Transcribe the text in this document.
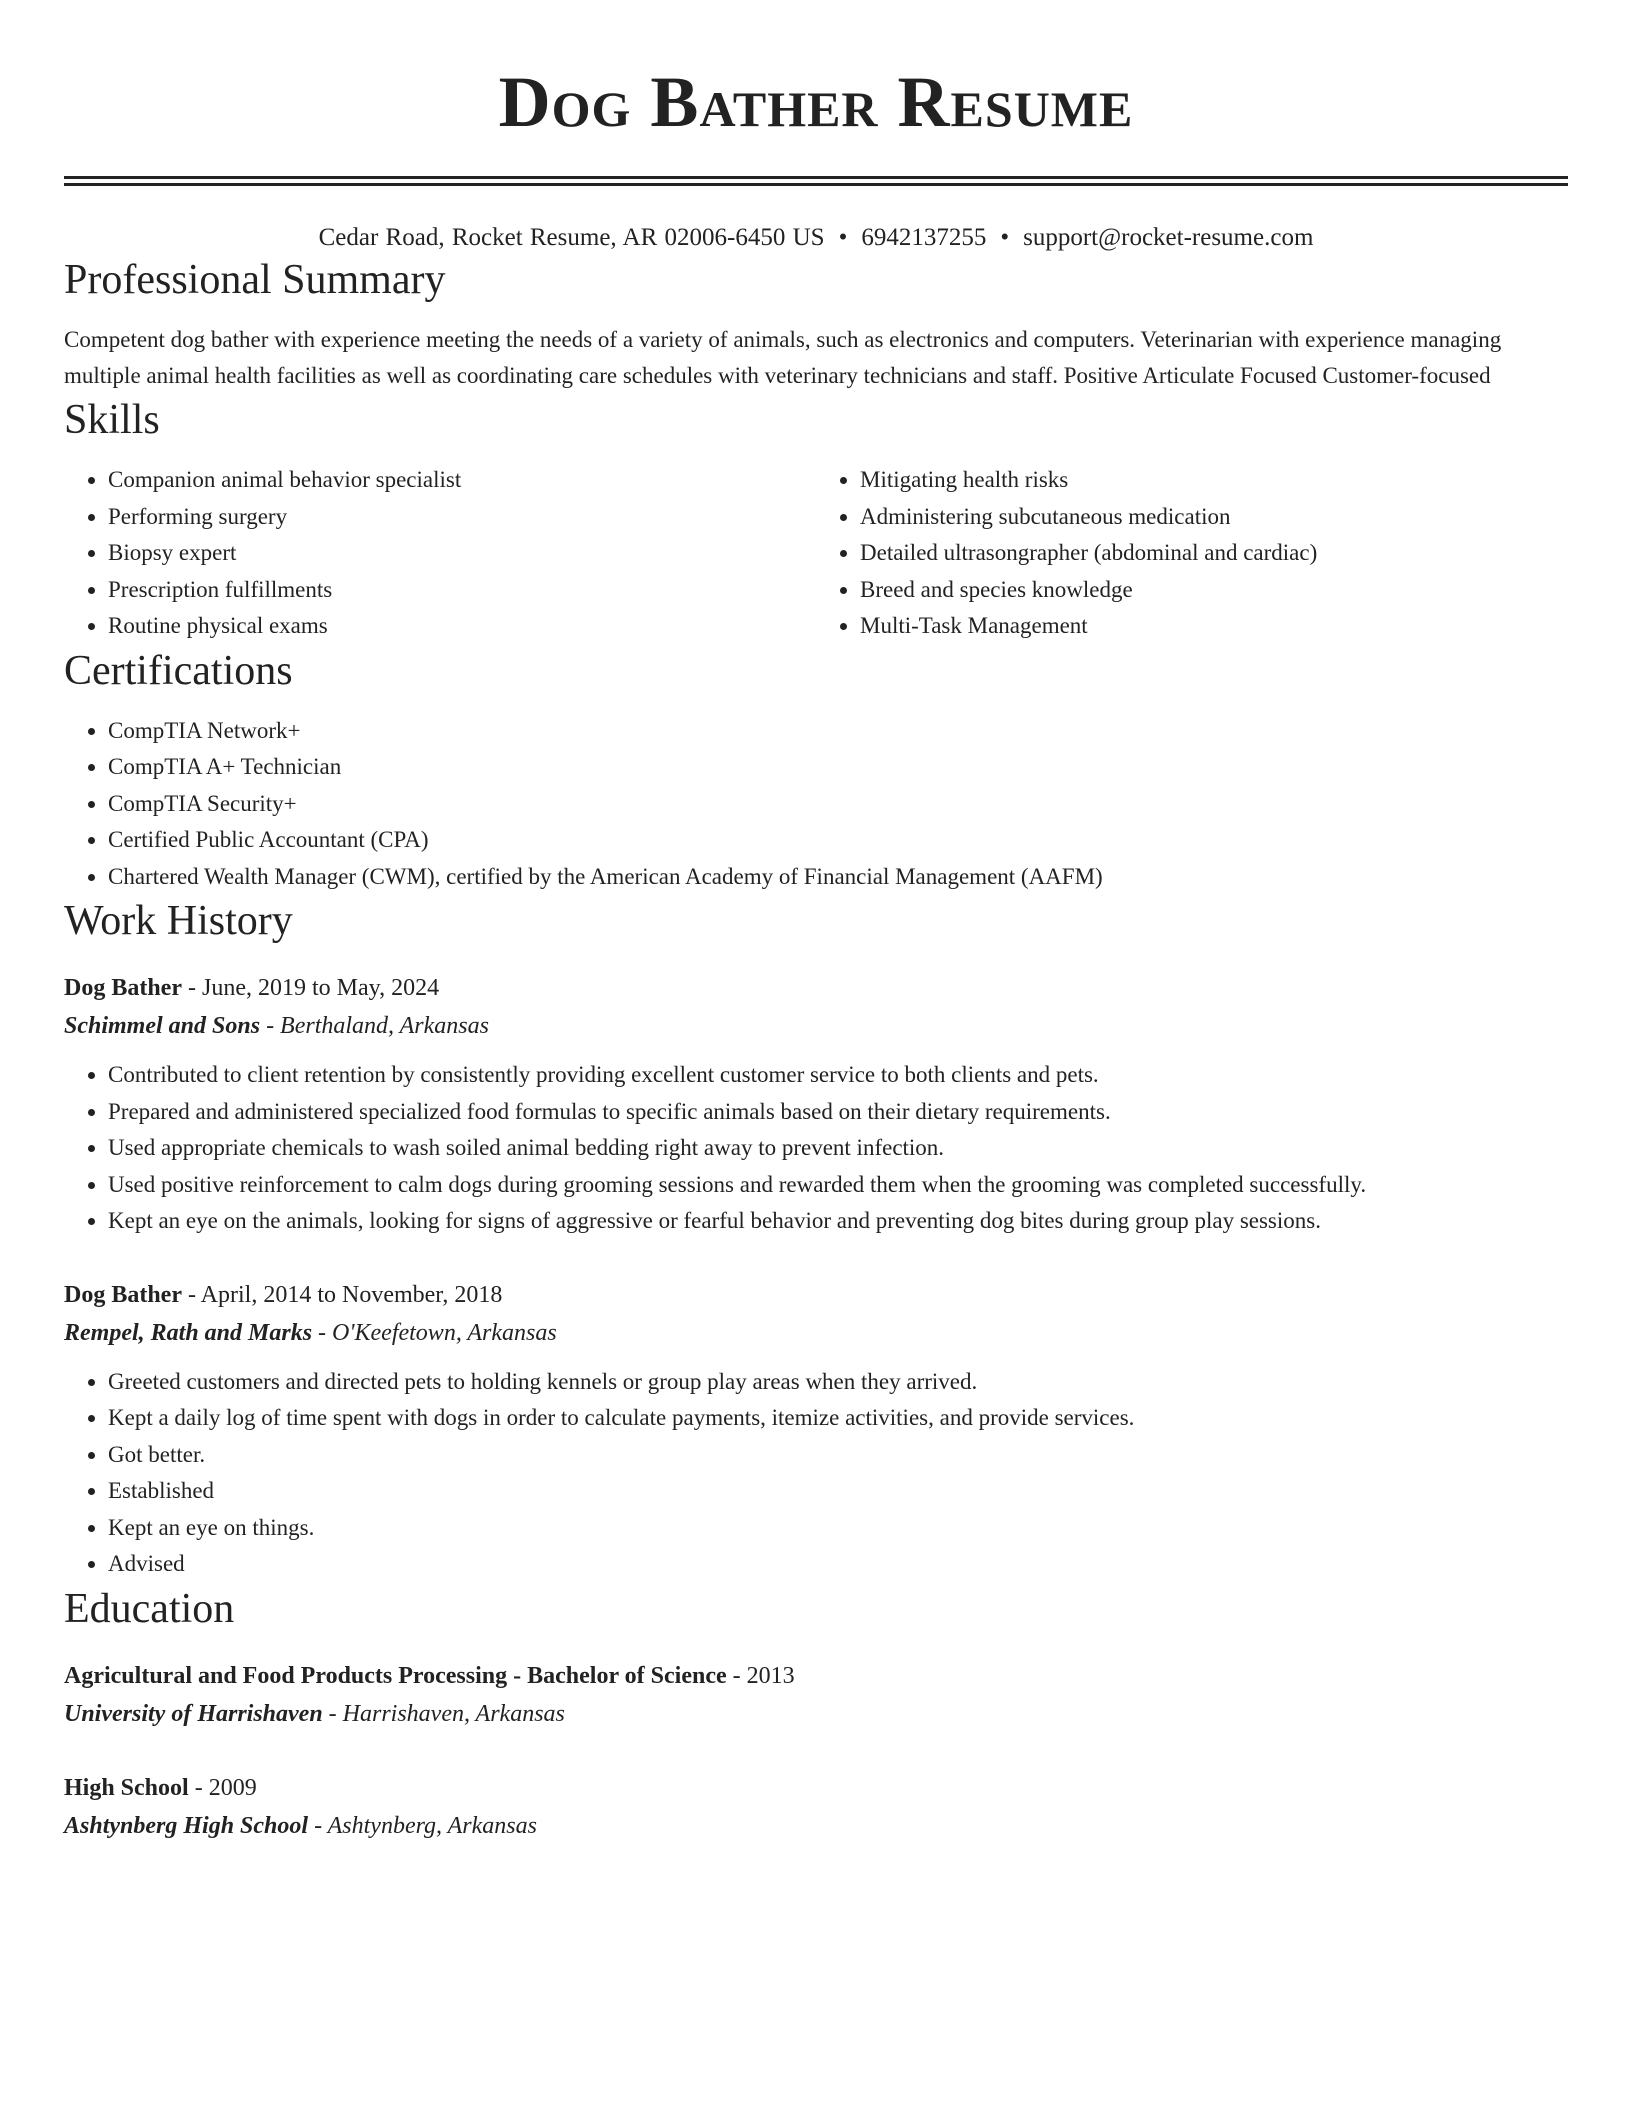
Dog Bather Resume
Cedar Road, Rocket Resume, AR 02006-6450 US • 6942137255 • support@rocket-resume.com
Professional Summary

Competent dog bather with experience meeting the needs of a variety of animals, such as electronics and computers. Veterinarian with experience managing multiple animal health facilities as well as coordinating care schedules with veterinary technicians and staff. Positive Articulate Focused Customer-focused

Skills
• Companion animal behavior specialist
• Performing surgery
• Biopsy expert
• Prescription fulfillments
• Routine physical exams
• Mitigating health risks
• Administering subcutaneous medication
• Detailed ultrasongrapher (abdominal and cardiac)
• Breed and species knowledge
• Multi-Task Management
Certifications
• CompTIA Network+
• CompTIA A+ Technician
• CompTIA Security+
• Certified Public Accountant (CPA)
• Chartered Wealth Manager (CWM), certified by the American Academy of Financial Management (AAFM)
Work History
Dog Bather - June, 2019 to May, 2024
Schimmel and Sons - Berthaland, Arkansas
• Contributed to client retention by consistently providing excellent customer service to both clients and pets.
• Prepared and administered specialized food formulas to specific animals based on their dietary requirements.
• Used appropriate chemicals to wash soiled animal bedding right away to prevent infection.
• Used positive reinforcement to calm dogs during grooming sessions and rewarded them when the grooming was completed successfully.
• Kept an eye on the animals, looking for signs of aggressive or fearful behavior and preventing dog bites during group play sessions.
Dog Bather - April, 2014 to November, 2018
Rempel, Rath and Marks - O'Keefetown, Arkansas
• Greeted customers and directed pets to holding kennels or group play areas when they arrived.
• Kept a daily log of time spent with dogs in order to calculate payments, itemize activities, and provide services.
• Got better.
• Established
• Kept an eye on things.
• Advised
Education
Agricultural and Food Products Processing - Bachelor of Science - 2013
University of Harrishaven - Harrishaven, Arkansas
High School - 2009
Ashtynberg High School - Ashtynberg, Arkansas
